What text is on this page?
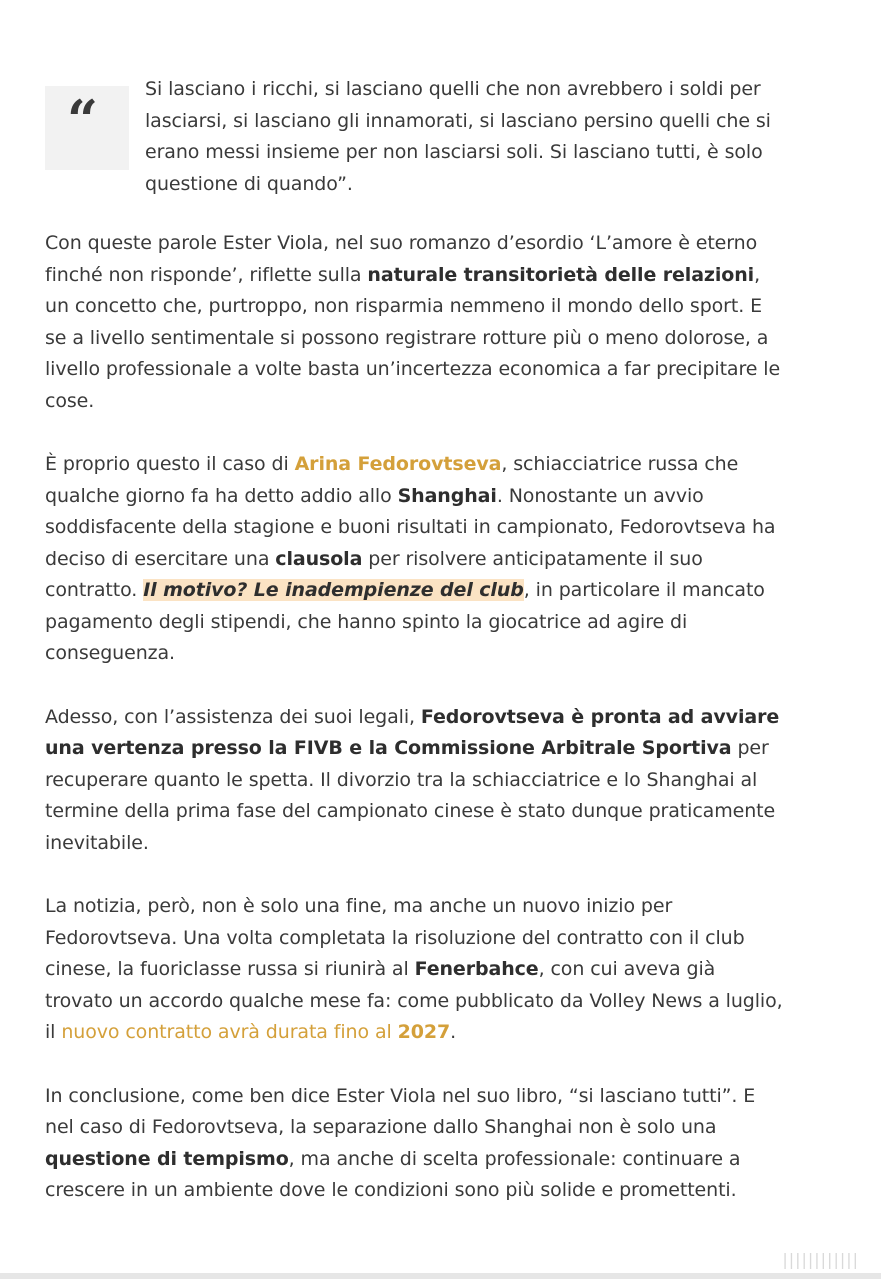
“	Si lasciano i ricchi, si lasciano quelli che non avrebbero i soldi per lasciarsi, si lasciano gli innamorati, si lasciano persino quelli che si erano messi insieme per non lasciarsi soli. Si lasciano tutti, è solo questione di quando”.

Con queste parole Ester Viola, nel suo romanzo d’esordio ‘L’amore è eterno finché non risponde’, riflette sulla naturale transitorietà delle relazioni, un concetto che, purtroppo, non risparmia nemmeno il mondo dello sport. E se a livello sentimentale si possono registrare rotture più o meno dolorose, a livello professionale a volte basta un’incertezza economica a far precipitare le cose.

È proprio questo il caso di Arina Fedorovtseva, schiacciatrice russa che qualche giorno fa ha detto addio allo Shanghai. Nonostante un avvio soddisfacente della stagione e buoni risultati in campionato, Fedorovtseva ha deciso di esercitare una clausola per risolvere anticipatamente il suo contratto. Il motivo? Le inadempienze del club, in particolare il mancato pagamento degli stipendi, che hanno spinto la giocatrice ad agire di conseguenza.

Adesso, con l’assistenza dei suoi legali, Fedorovtseva è pronta ad avviare una vertenza presso la FIVB e la Commissione Arbitrale Sportiva per recuperare quanto le spetta. Il divorzio tra la schiacciatrice e lo Shanghai al termine della prima fase del campionato cinese è stato dunque praticamente inevitabile.

La notizia, però, non è solo una fine, ma anche un nuovo inizio per Fedorovtseva. Una volta completata la risoluzione del contratto con il club cinese, la fuoriclasse russa si riunirà al Fenerbahce, con cui aveva già trovato un accordo qualche mese fa: come pubblicato da Volley News a luglio, il nuovo contratto avrà durata fino al 2027.

In conclusione, come ben dice Ester Viola nel suo libro, “si lasciano tutti”. E nel caso di Fedorovtseva, la separazione dallo Shanghai non è solo una questione di tempismo, ma anche di scelta professionale: continuare a crescere in un ambiente dove le condizioni sono più solide e promettenti.

||||||||||||
